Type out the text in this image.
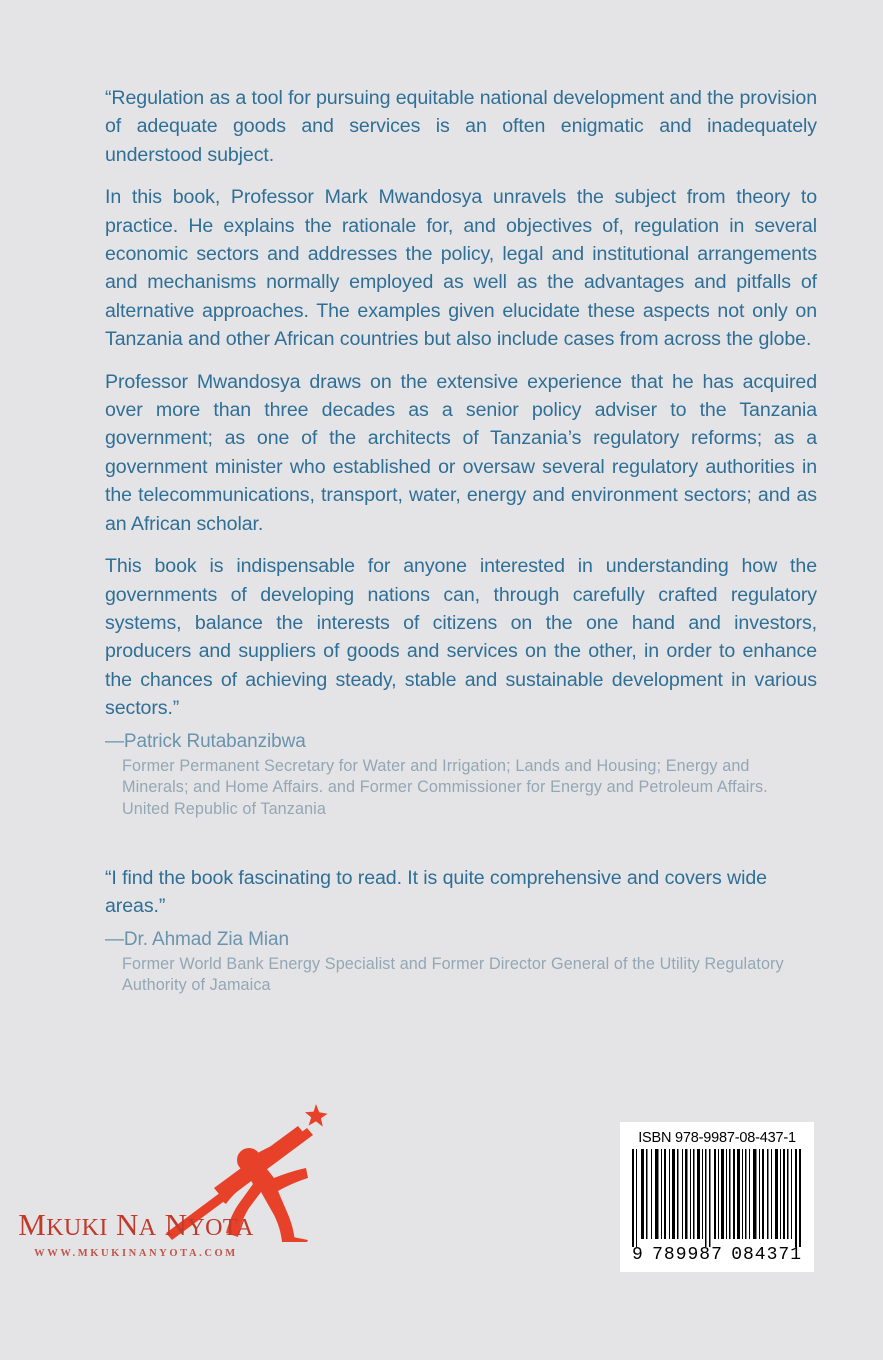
“Regulation as a tool for pursuing equitable national development and the provision of adequate goods and services is an often enigmatic and inadequately understood subject.

In this book, Professor Mark Mwandosya unravels the subject from theory to practice. He explains the rationale for, and objectives of, regulation in several economic sectors and addresses the policy, legal and institutional arrangements and mechanisms normally employed as well as the advantages and pitfalls of alternative approaches. The examples given elucidate these aspects not only on Tanzania and other African countries but also include cases from across the globe.

Professor Mwandosya draws on the extensive experience that he has acquired over more than three decades as a senior policy adviser to the Tanzania government; as one of the architects of Tanzania’s regulatory reforms; as a government minister who established or oversaw several regulatory authorities in the telecommunications, transport, water, energy and environment sectors; and as an African scholar.

This book is indispensable for anyone interested in understanding how the governments of developing nations can, through carefully crafted regulatory systems, balance the interests of citizens on the one hand and investors, producers and suppliers of goods and services on the other, in order to enhance the chances of achieving steady, stable and sustainable development in various sectors.”

—Patrick Rutabanzibwa

Former Permanent Secretary for Water and Irrigation; Lands and Housing; Energy and Minerals; and Home Affairs. and Former Commissioner for Energy and Petroleum Affairs. United Republic of Tanzania

“I find the book fascinating to read. It is quite comprehensive and covers wide areas.”

—Dr. Ahmad Zia Mian

Former World Bank Energy Specialist and Former Director General of the Utility Regulatory Authority of Jamaica

MKUKI NA NYOTA
WWW.MKUKINANYOTA.COM
ISBN 978-9987-08-437-1
9 789987 084371
